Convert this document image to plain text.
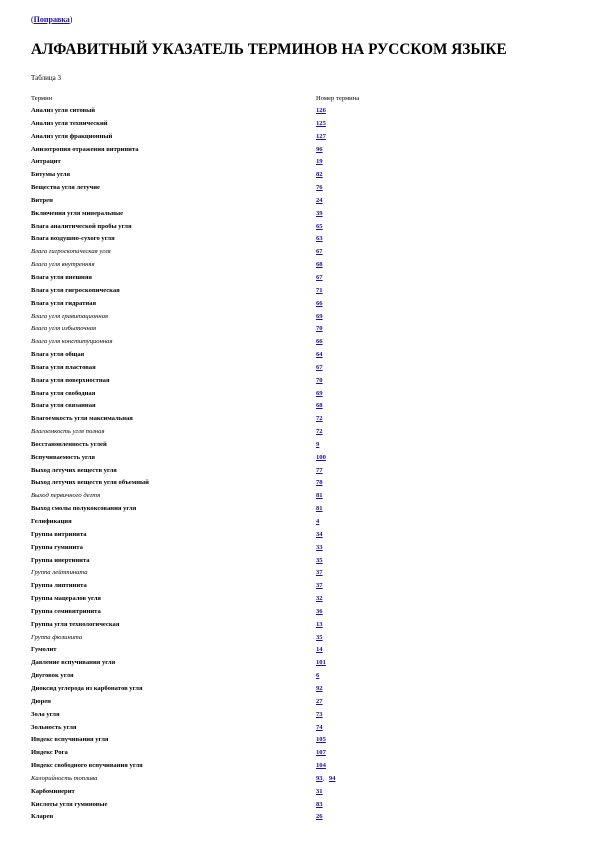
(Поправка)

АЛФАВИТНЫЙ УКАЗАТЕЛЬ ТЕРМИНОВ НА РУССКОМ ЯЗЫКЕ

Таблица 3

Термин	Номер термина
Анализ угля ситовый	126
Анализ угля технический	125
Анализ угля фракционный	127
Анизотропия отражения витринита	96
Антрацит	19
Битумы угля	82
Вещества угля летучие	76
Витрен	24
Включения угля минеральные	39
Влага аналитической пробы угля	65
Влага воздушно-сухого угля	63
Влага гигроскопическая угля	67
Влага угля внутренняя	68
Влага угля внешняя	67
Влага угля гигроскопическая	71
Влага угля гидратная	66
Влага угля гравитационная	69
Влага угля избыточная	70
Влага угля конституционная	66
Влага угля общая	64
Влага угля пластовая	67
Влага угля поверхностная	70
Влага угля свободная	69
Влага угля связанная	68
Влагоемкость угля максимальная	72
Влагоемкость угля полная	72
Восстановленность углей	9
Вспучиваемость угля	100
Выход летучих веществ угля	77
Выход летучих веществ угля объемный	78
Выход первичного дегтя	81
Выход смолы полукоксования угля	81
Гелификация	4
Группа витринита	34
Группа гуминита	33
Группа инертинита	35
Группа лейптинита	37
Группа липтинита	37
Группа мацералов угля	32
Группа семивитринита	36
Группа угля технологическая	13
Группа фюзинита	35
Гумолит	14
Давление вспучивания угля	101
Двуговок угля	6
Диоксид углерода из карбонатов угля	92
Дюрен	27
Зола угля	73
Зольность угля	74
Индекс вспучивания угля	105
Индекс Рога	107
Индекс свободного вспучивания угля	104
Калорийность топлива	93, 94
Карбоминерит	31
Кислоты угля гуминовые	83
Кларен	26
